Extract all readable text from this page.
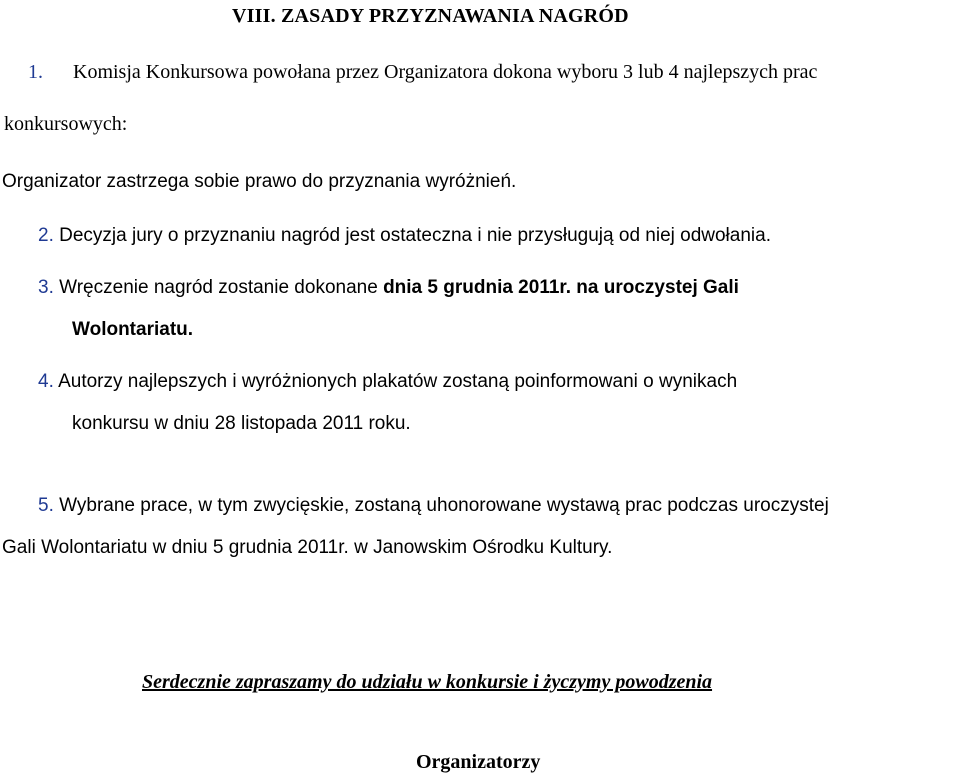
VIII. ZASADY PRZYZNAWANIA NAGRÓD
1. Komisja Konkursowa powołana przez Organizatora dokona wyboru 3 lub 4 najlepszych prac
konkursowych:
Organizator zastrzega sobie prawo do przyznania wyróżnień.
2. Decyzja jury o przyznaniu nagród jest ostateczna i nie przysługują od niej odwołania.
3. Wręczenie nagród zostanie dokonane dnia 5 grudnia 2011r. na uroczystej Gali
Wolontariatu.
4. Autorzy najlepszych i wyróżnionych plakatów zostaną poinformowani o wynikach
konkursu w dniu 28 listopada 2011 roku.
5. Wybrane prace, w tym zwycięskie, zostaną uhonorowane wystawą prac podczas uroczystej
Gali Wolontariatu w dniu 5 grudnia 2011r. w Janowskim Ośrodku Kultury.
Serdecznie zapraszamy do udziału w konkursie i życzymy powodzenia
Organizatorzy
